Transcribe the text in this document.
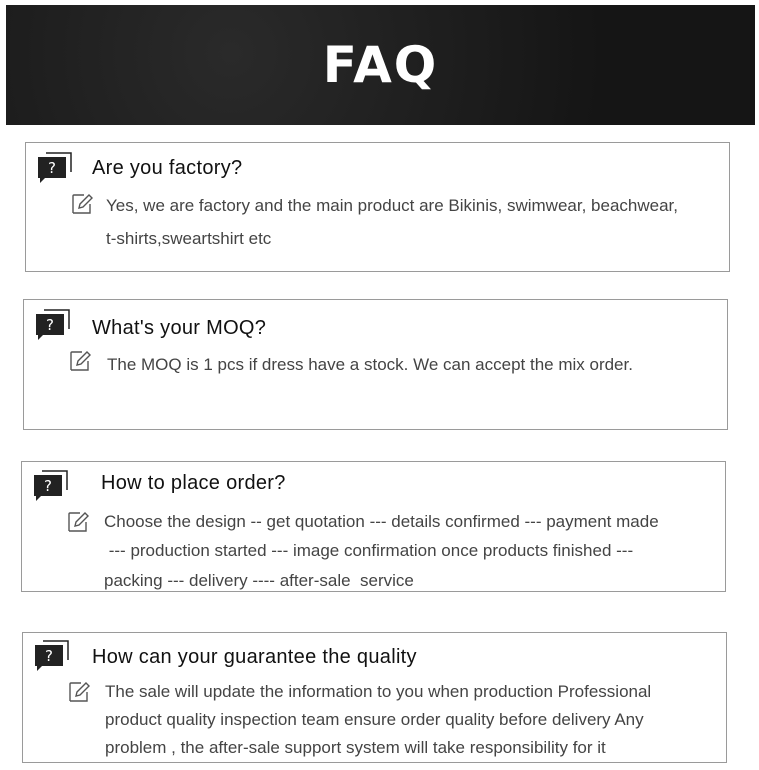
FAQ
? Are you factory?
Yes, we are factory and the main product are Bikinis, swimwear, beachwear,
t-shirts,sweartshirt etc
? What's your MOQ?
The MOQ is 1 pcs if dress have a stock. We can accept the mix order.
? How to place order?
Choose the design -- get quotation --- details confirmed --- payment made
--- production started --- image confirmation once products finished ---
packing --- delivery ---- after-sale  service
? How can your guarantee the quality
The sale will update the information to you when production Professional
product quality inspection team ensure order quality before delivery Any
problem , the after-sale support system will take responsibility for it
